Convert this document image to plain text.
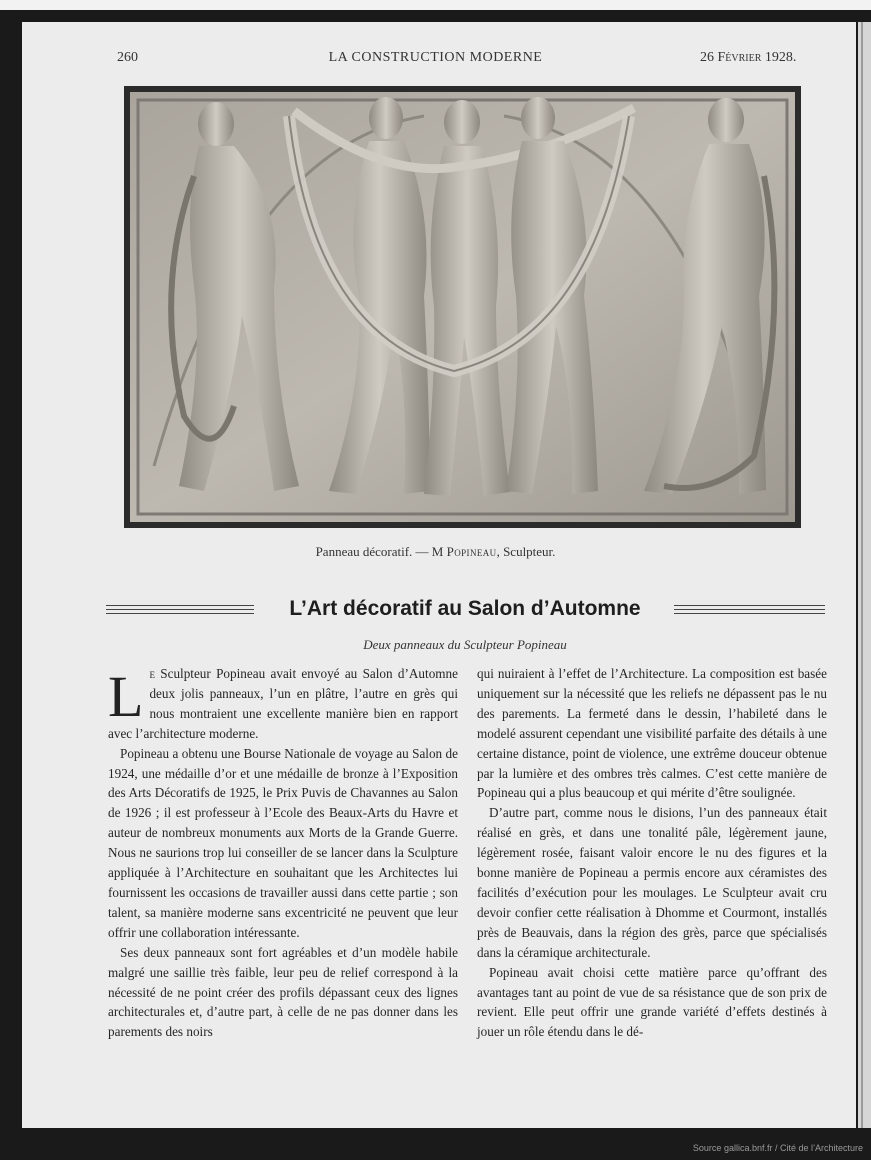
260	LA CONSTRUCTION MODERNE	26 Février 1928.
Panneau décoratif. — M Popineau, Sculpteur.
L’Art décoratif au Salon d’Automne
Deux panneaux du Sculpteur Popineau

Le Sculpteur Popineau avait envoyé au Salon d’Automne deux jolis panneaux, l’un en plâtre, l’autre en grès qui nous montraient une excellente manière bien en rapport avec l’architecture moderne.

Popineau a obtenu une Bourse Nationale de voyage au Salon de 1924, une médaille d’or et une médaille de bronze à l’Exposition des Arts Décoratifs de 1925, le Prix Puvis de Chavannes au Salon de 1926 ; il est professeur à l’Ecole des Beaux-Arts du Havre et auteur de nombreux monuments aux Morts de la Grande Guerre. Nous ne saurions trop lui conseiller de se lancer dans la Sculpture appliquée à l’Architecture en souhaitant que les Architectes lui fournissent les occasions de travailler aussi dans cette partie ; son talent, sa manière moderne sans excentricité ne peuvent que leur offrir une collaboration intéressante.

Ses deux panneaux sont fort agréables et d’un modèle habile malgré une saillie très faible, leur peu de relief correspond à la nécessité de ne point créer des profils dépassant ceux des lignes architecturales et, d’autre part, à celle de ne pas donner dans les parements des noirs

qui nuiraient à l’effet de l’Architecture. La composition est basée uniquement sur la nécessité que les reliefs ne dépassent pas le nu des parements. La fermeté dans le dessin, l’habileté dans le modelé assurent cependant une visibilité parfaite des détails à une certaine distance, point de violence, une extrême douceur obtenue par la lumière et des ombres très calmes. C’est cette manière de Popineau qui a plus beaucoup et qui mérite d’être soulignée.

D’autre part, comme nous le disions, l’un des panneaux était réalisé en grès, et dans une tonalité pâle, légèrement jaune, légèrement rosée, faisant valoir encore le nu des figures et la bonne manière de Popineau a permis encore aux céramistes des facilités d’exécution pour les moulages. Le Sculpteur avait cru devoir confier cette réalisation à Dhomme et Courmont, installés près de Beauvais, dans la région des grès, parce que spécialisés dans la céramique architecturale.

Popineau avait choisi cette matière parce qu’offrant des avantages tant au point de vue de sa résistance que de son prix de revient. Elle peut offrir une grande variété d’effets destinés à jouer un rôle étendu dans le dé-

Source gallica.bnf.fr / Cité de l’Architecture
